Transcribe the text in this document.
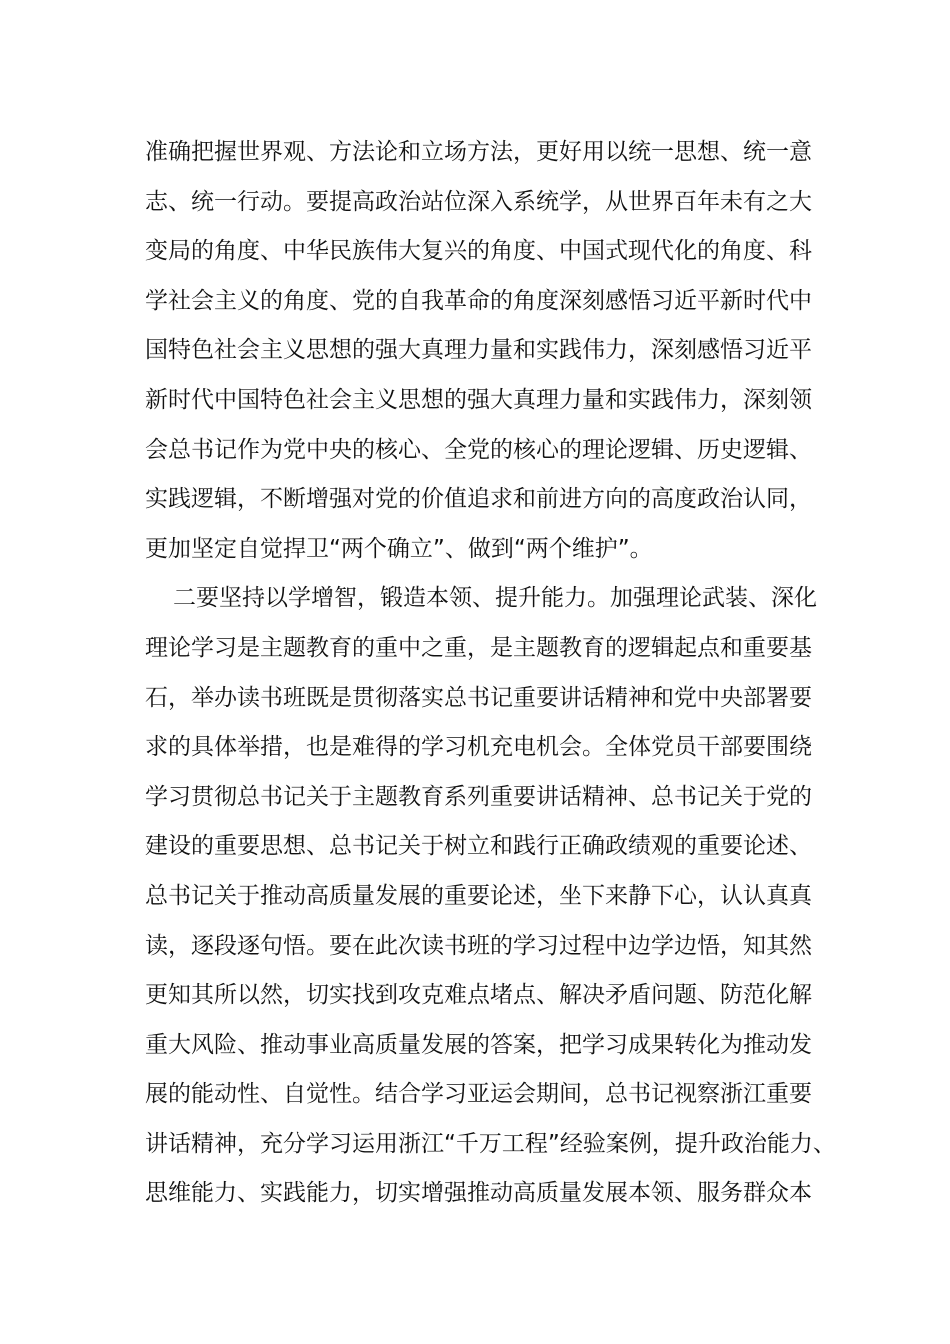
准确把握世界观、方法论和立场方法，更好用以统一思想、统一意
志、统一行动。要提高政治站位深入系统学，从世界百年未有之大
变局的角度、中华民族伟大复兴的角度、中国式现代化的角度、科
学社会主义的角度、党的自我革命的角度深刻感悟习近平新时代中
国特色社会主义思想的强大真理力量和实践伟力，深刻感悟习近平
新时代中国特色社会主义思想的强大真理力量和实践伟力，深刻领
会总书记作为党中央的核心、全党的核心的理论逻辑、历史逻辑、
实践逻辑，不断增强对党的价值追求和前进方向的高度政治认同，
更加坚定自觉捍卫“两个确立”、做到“两个维护”。
二要坚持以学增智，锻造本领、提升能力。加强理论武装、深化
理论学习是主题教育的重中之重，是主题教育的逻辑起点和重要基
石，举办读书班既是贯彻落实总书记重要讲话精神和党中央部署要
求的具体举措，也是难得的学习机充电机会。全体党员干部要围绕
学习贯彻总书记关于主题教育系列重要讲话精神、总书记关于党的
建设的重要思想、总书记关于树立和践行正确政绩观的重要论述、
总书记关于推动高质量发展的重要论述，坐下来静下心，认认真真
读，逐段逐句悟。要在此次读书班的学习过程中边学边悟，知其然
更知其所以然，切实找到攻克难点堵点、解决矛盾问题、防范化解
重大风险、推动事业高质量发展的答案，把学习成果转化为推动发
展的能动性、自觉性。结合学习亚运会期间，总书记视察浙江重要
讲话精神，充分学习运用浙江“千万工程”经验案例，提升政治能力、
思维能力、实践能力，切实增强推动高质量发展本领、服务群众本
